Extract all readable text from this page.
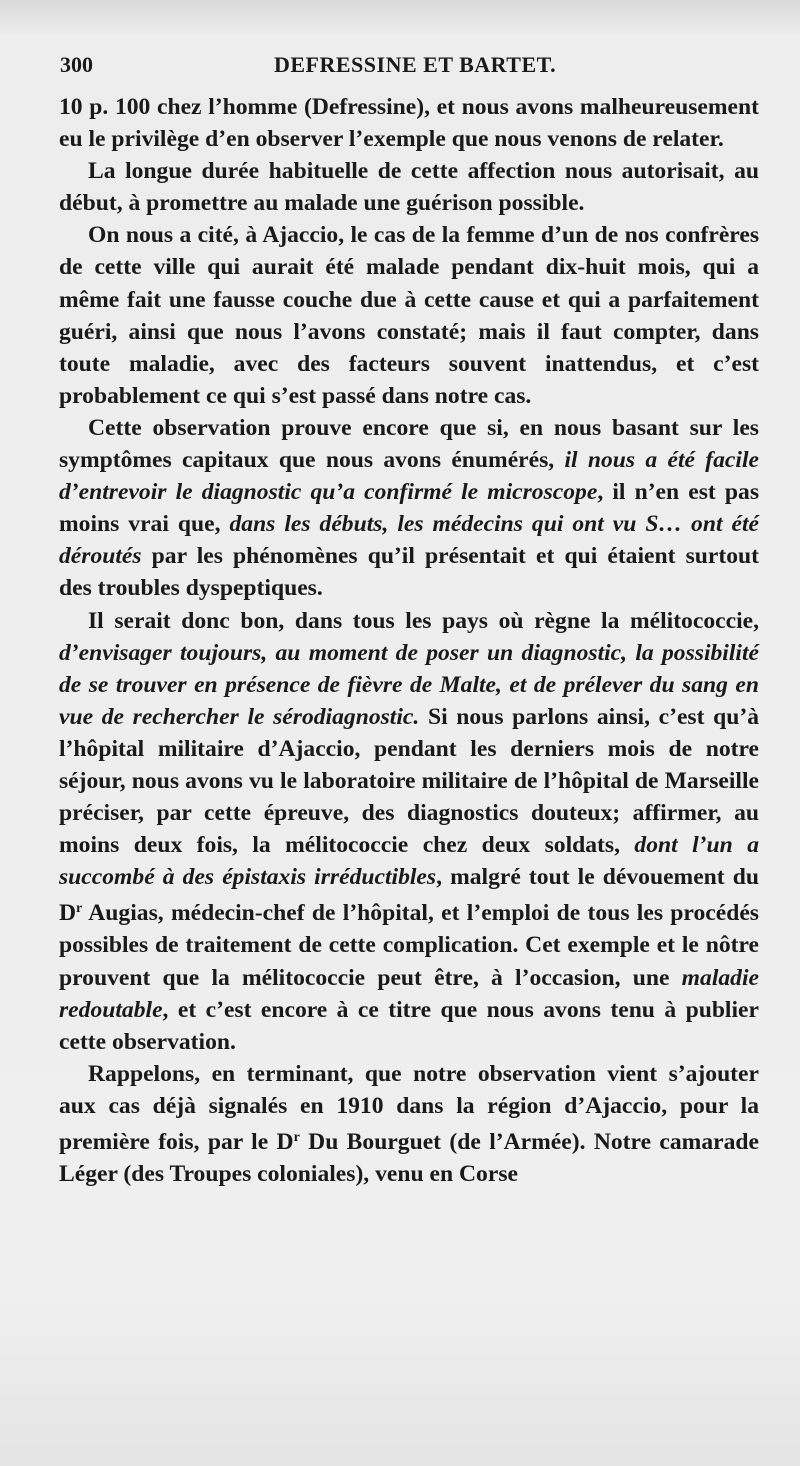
300	DEFRESSINE ET BARTET.

10 p. 100 chez l’homme (Defressine), et nous avons malheureusement eu le privilège d’en observer l’exemple que nous venons de relater.

La longue durée habituelle de cette affection nous autorisait, au début, à promettre au malade une guérison possible.

On nous a cité, à Ajaccio, le cas de la femme d’un de nos confrères de cette ville qui aurait été malade pendant dix-huit mois, qui a même fait une fausse couche due à cette cause et qui a parfaitement guéri, ainsi que nous l’avons constaté; mais il faut compter, dans toute maladie, avec des facteurs souvent inattendus, et c’est probablement ce qui s’est passé dans notre cas.

Cette observation prouve encore que si, en nous basant sur les symptômes capitaux que nous avons énumérés, il nous a été facile d’entrevoir le diagnostic qu’a confirmé le microscope, il n’en est pas moins vrai que, dans les débuts, les médecins qui ont vu S… ont été déroutés par les phénomènes qu’il présentait et qui étaient surtout des troubles dyspeptiques.

Il serait donc bon, dans tous les pays où règne la mélitococcie, d’envisager toujours, au moment de poser un diagnostic, la possibilité de se trouver en présence de fièvre de Malte, et de prélever du sang en vue de rechercher le sérodiagnostic. Si nous parlons ainsi, c’est qu’à l’hôpital militaire d’Ajaccio, pendant les derniers mois de notre séjour, nous avons vu le laboratoire militaire de l’hôpital de Marseille préciser, par cette épreuve, des diagnostics douteux; affirmer, au moins deux fois, la mélitococcie chez deux soldats, dont l’un a succombé à des épistaxis irréductibles, malgré tout le dévouement du $D^r$ Augias, médecin-chef de l’hôpital, et l’emploi de tous les procédés possibles de traitement de cette complication. Cet exemple et le nôtre prouvent que la mélitococcie peut être, à l’occasion, une maladie redoutable, et c’est encore à ce titre que nous avons tenu à publier cette observation.

Rappelons, en terminant, que notre observation vient s’ajouter aux cas déjà signalés en 1910 dans la région d’Ajaccio, pour la première fois, par le $D^r$ Du Bourguet (de l’Armée). Notre camarade Léger (des Troupes coloniales), venu en Corse
